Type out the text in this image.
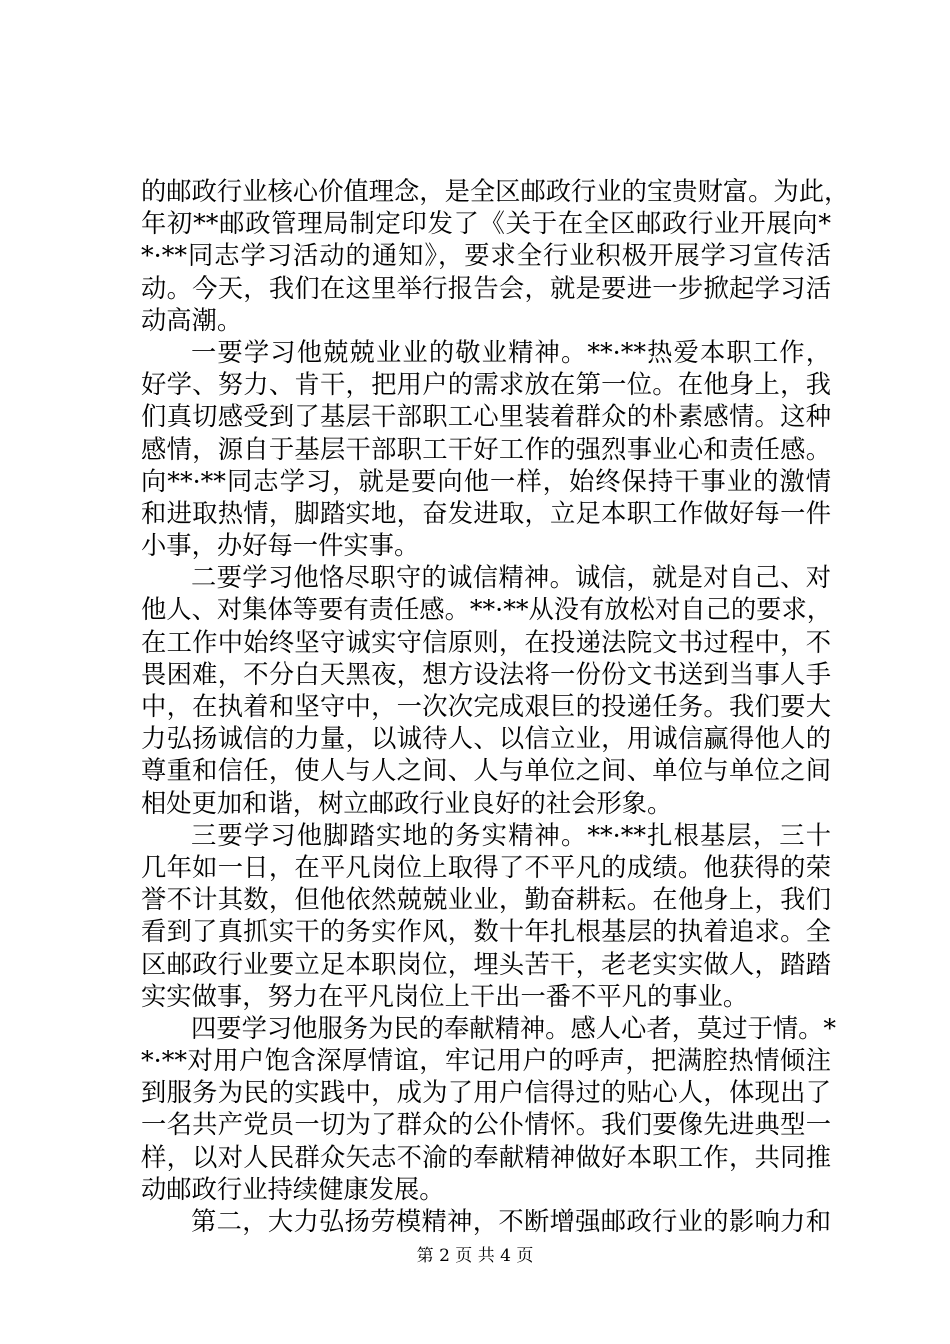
的邮政行业核心价值理念，是全区邮政行业的宝贵财富。为此，
年初**邮政管理局制定印发了《关于在全区邮政行业开展向*
*·**同志学习活动的通知》，要求全行业积极开展学习宣传活
动。今天，我们在这里举行报告会，就是要进一步掀起学习活
动高潮。
一要学习他兢兢业业的敬业精神。**·**热爱本职工作，
好学、努力、肯干，把用户的需求放在第一位。在他身上，我
们真切感受到了基层干部职工心里装着群众的朴素感情。这种
感情，源自于基层干部职工干好工作的强烈事业心和责任感。
向**·**同志学习，就是要向他一样，始终保持干事业的激情
和进取热情，脚踏实地，奋发进取，立足本职工作做好每一件
小事，办好每一件实事。
二要学习他恪尽职守的诚信精神。诚信，就是对自己、对
他人、对集体等要有责任感。**·**从没有放松对自己的要求，
在工作中始终坚守诚实守信原则，在投递法院文书过程中，不
畏困难，不分白天黑夜，想方设法将一份份文书送到当事人手
中，在执着和坚守中，一次次完成艰巨的投递任务。我们要大
力弘扬诚信的力量，以诚待人、以信立业，用诚信赢得他人的
尊重和信任，使人与人之间、人与单位之间、单位与单位之间
相处更加和谐，树立邮政行业良好的社会形象。
三要学习他脚踏实地的务实精神。**·**扎根基层，三十
几年如一日，在平凡岗位上取得了不平凡的成绩。他获得的荣
誉不计其数，但他依然兢兢业业，勤奋耕耘。在他身上，我们
看到了真抓实干的务实作风，数十年扎根基层的执着追求。全
区邮政行业要立足本职岗位，埋头苦干，老老实实做人，踏踏
实实做事，努力在平凡岗位上干出一番不平凡的事业。
四要学习他服务为民的奉献精神。感人心者，莫过于情。*
*·**对用户饱含深厚情谊，牢记用户的呼声，把满腔热情倾注
到服务为民的实践中，成为了用户信得过的贴心人，体现出了
一名共产党员一切为了群众的公仆情怀。我们要像先进典型一
样，以对人民群众矢志不渝的奉献精神做好本职工作，共同推
动邮政行业持续健康发展。
第二，大力弘扬劳模精神，不断增强邮政行业的影响力和
第 2 页 共 4 页
